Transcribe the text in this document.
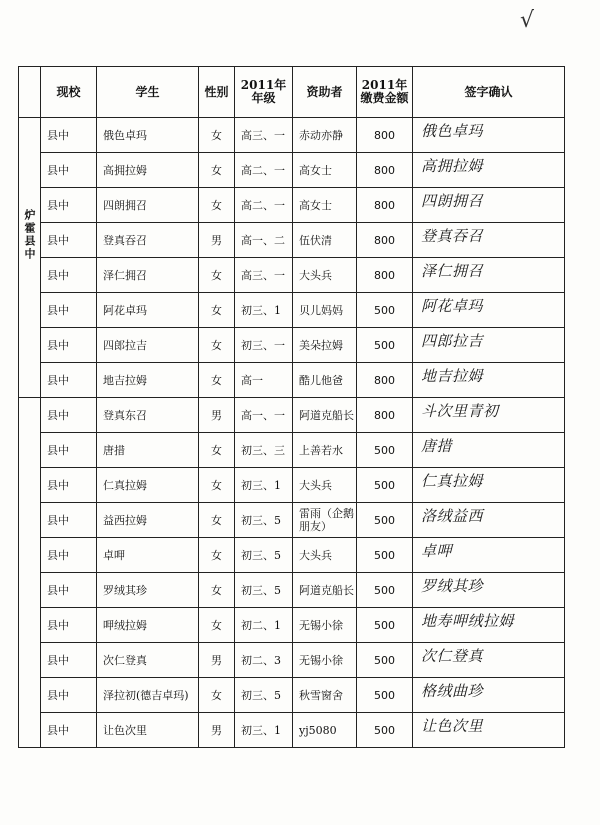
√
	现校	学生	性别	2011年 年级	资助者	2011年 缴费金额	签字确认
炉霍县中	县中	俄色卓玛	女	高三、一	赤动亦静	800	俄色卓玛

	县中	高拥拉姆	女	高二、一	高女士	800	高拥拉姆

	县中	四朗拥召	女	高二、一	高女士	800	四朗拥召

	县中	登真吞召	男	高一、二	伍伏清	800	登真吞召

	县中	泽仁拥召	女	高三、一	大头兵	800	泽仁拥召

	县中	阿花卓玛	女	初三、1	贝儿妈妈	500	阿花卓玛

	县中	四郎拉吉	女	初三、一	美朵拉姆	500	四郎拉吉

	县中	地吉拉姆	女	高一	酷儿他爸	800	地吉拉姆

	县中	登真东召	男	高一、一	阿道克船长	800	斗次里青初

	县中	唐措	女	初三、三	上善若水	500	唐措

	县中	仁真拉姆	女	初三、1	大头兵	500	仁真拉姆

	县中	益西拉姆	女	初三、5	雷雨（企鹅朋友）	500	洛绒益西

	县中	卓呷	女	初三、5	大头兵	500	卓呷

	县中	罗绒其珍	女	初三、5	阿道克船长	500	罗绒其珍

	县中	呷绒拉姆	女	初二、1	无锡小徐	500	地寿呷绒拉姆

	县中	次仁登真	男	初二、3	无锡小徐	500	次仁登真

	县中	泽拉初(德吉卓玛)	女	初三、5	秋雪窗舍	500	格绒曲珍

	县中	让色次里	男	初三、1	yj5080	500	让色次里
